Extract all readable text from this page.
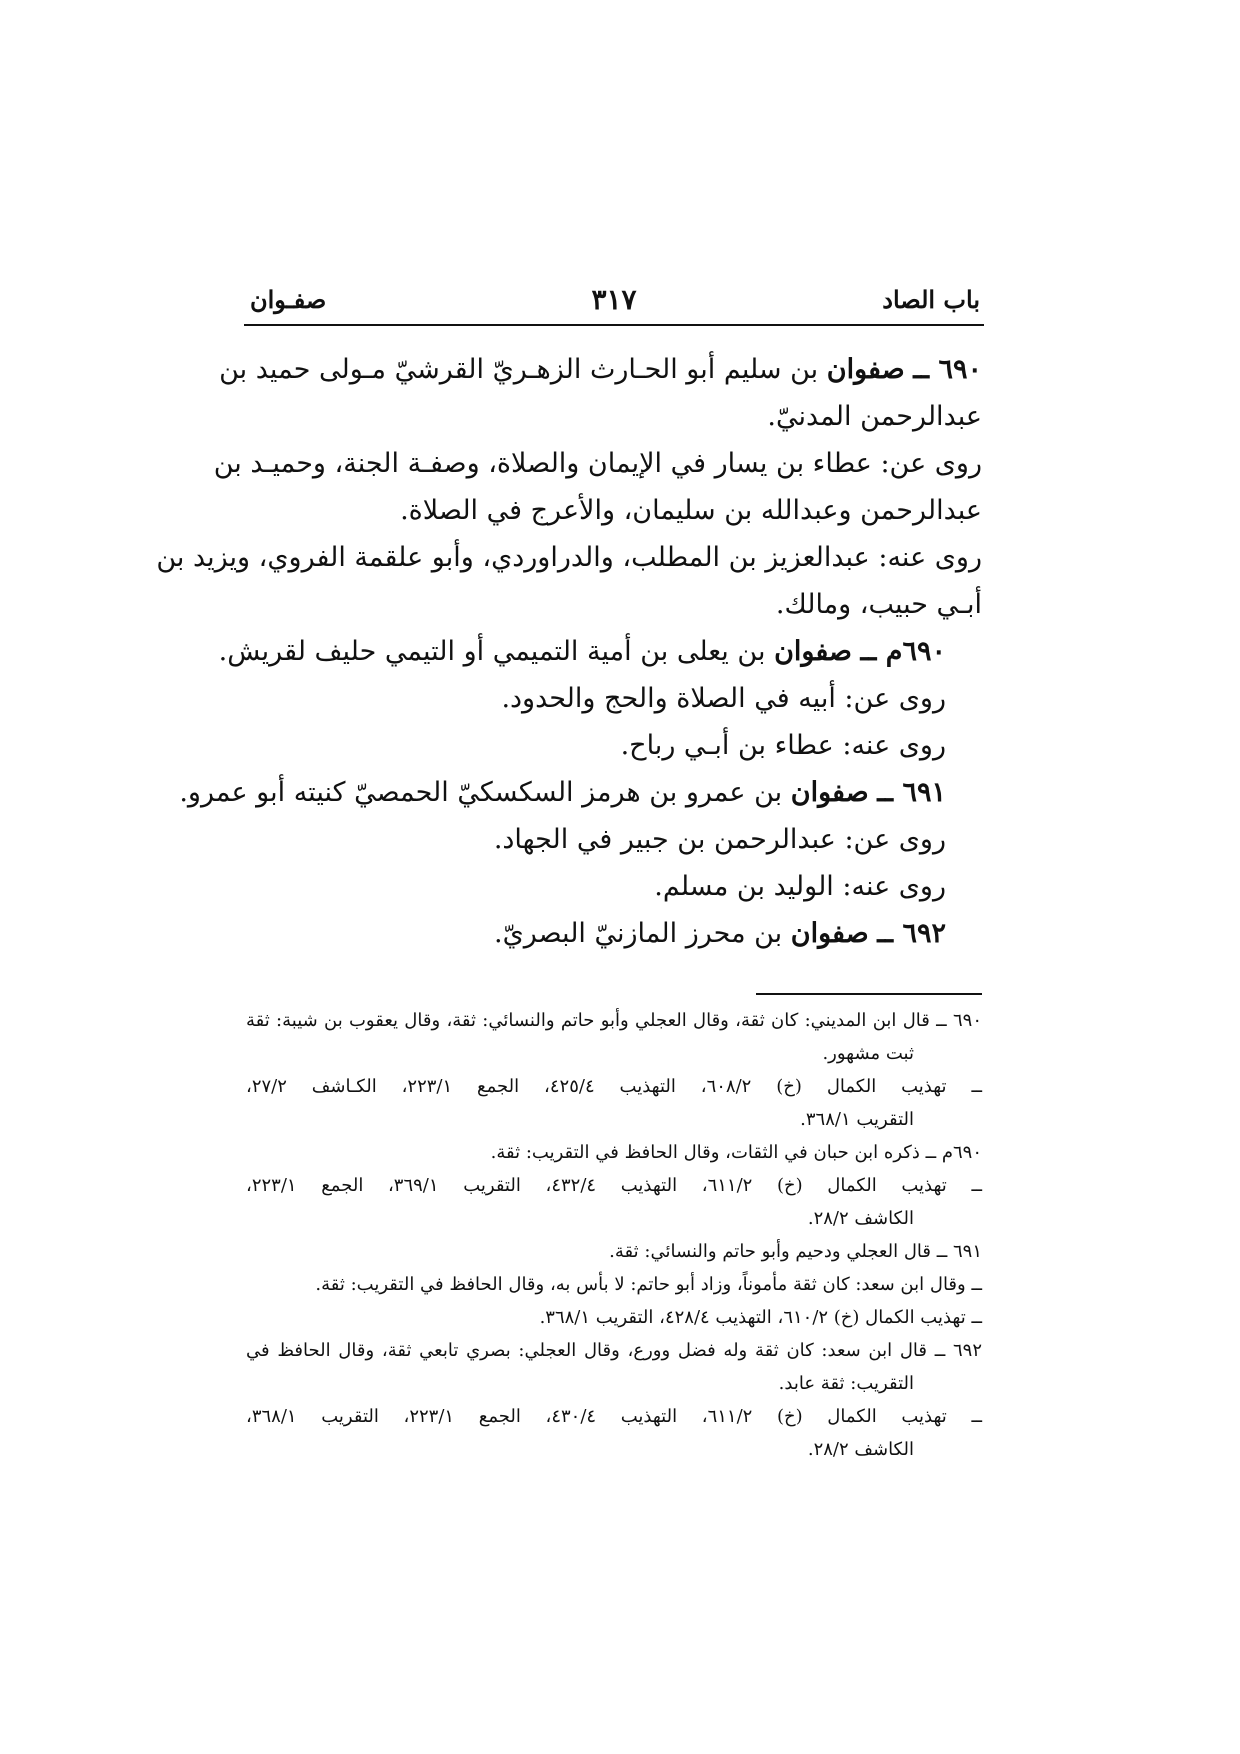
باب الصاد
٣١٧
صفـوان
٦٩٠ ــ صفوان بن سليم أبو الحـارث الزهـريّ القرشيّ مـولى حميد بن
عبدالرحمن المدنيّ.
روى عن: عطاء بن يسار في الإيمان والصلاة، وصفـة الجنة، وحميـد بن
عبدالرحمن وعبدالله بن سليمان، والأعرج في الصلاة.
روى عنه: عبدالعزيز بن المطلب، والدراوردي، وأبو علقمة الفروي، ويزيد بن
أبـي حبيب، ومالك.
٦٩٠م ــ صفوان بن يعلى بن أمية التميمي أو التيمي حليف لقريش.
روى عن: أبيه في الصلاة والحج والحدود.
روى عنه: عطاء بن أبـي رباح.
٦٩١ ــ صفوان بن عمرو بن هرمز السكسكيّ الحمصيّ كنيته أبو عمرو.
روى عن: عبدالرحمن بن جبير في الجهاد.
روى عنه: الوليد بن مسلم.
٦٩٢ ــ صفوان بن محرز المازنيّ البصريّ.
٦٩٠ ــ قال ابن المديني: كان ثقة، وقال العجلي وأبو حاتم والنسائي: ثقة، وقال يعقوب بن شيبة: ثقة
ثبت مشهور.
ــ تهذيب الكمال (خ) ٦٠٨/٢، التهذيب ٤٢٥/٤، الجمع ٢٢٣/١، الكـاشف ٢٧/٢،
التقريب ٣٦٨/١.
٦٩٠م ــ ذكره ابن حبان في الثقات، وقال الحافظ في التقريب: ثقة.
ــ تهذيب الكمال (خ) ٦١١/٢، التهذيب ٤٣٢/٤، التقريب ٣٦٩/١، الجمع ٢٢٣/١،
الكاشف ٢٨/٢.
٦٩١ ــ قال العجلي ودحيم وأبو حاتم والنسائي: ثقة.
ــ وقال ابن سعد: كان ثقة مأموناً، وزاد أبو حاتم: لا بأس به، وقال الحافظ في التقريب: ثقة.
ــ تهذيب الكمال (خ) ٦١٠/٢، التهذيب ٤٢٨/٤، التقريب ٣٦٨/١.
٦٩٢ ــ قال ابن سعد: كان ثقة وله فضل وورع، وقال العجلي: بصري تابعي ثقة، وقال الحافظ في
التقريب: ثقة عابد.
ــ تهذيب الكمال (خ) ٦١١/٢، التهذيب ٤٣٠/٤، الجمع ٢٢٣/١، التقريب ٣٦٨/١،
الكاشف ٢٨/٢.
